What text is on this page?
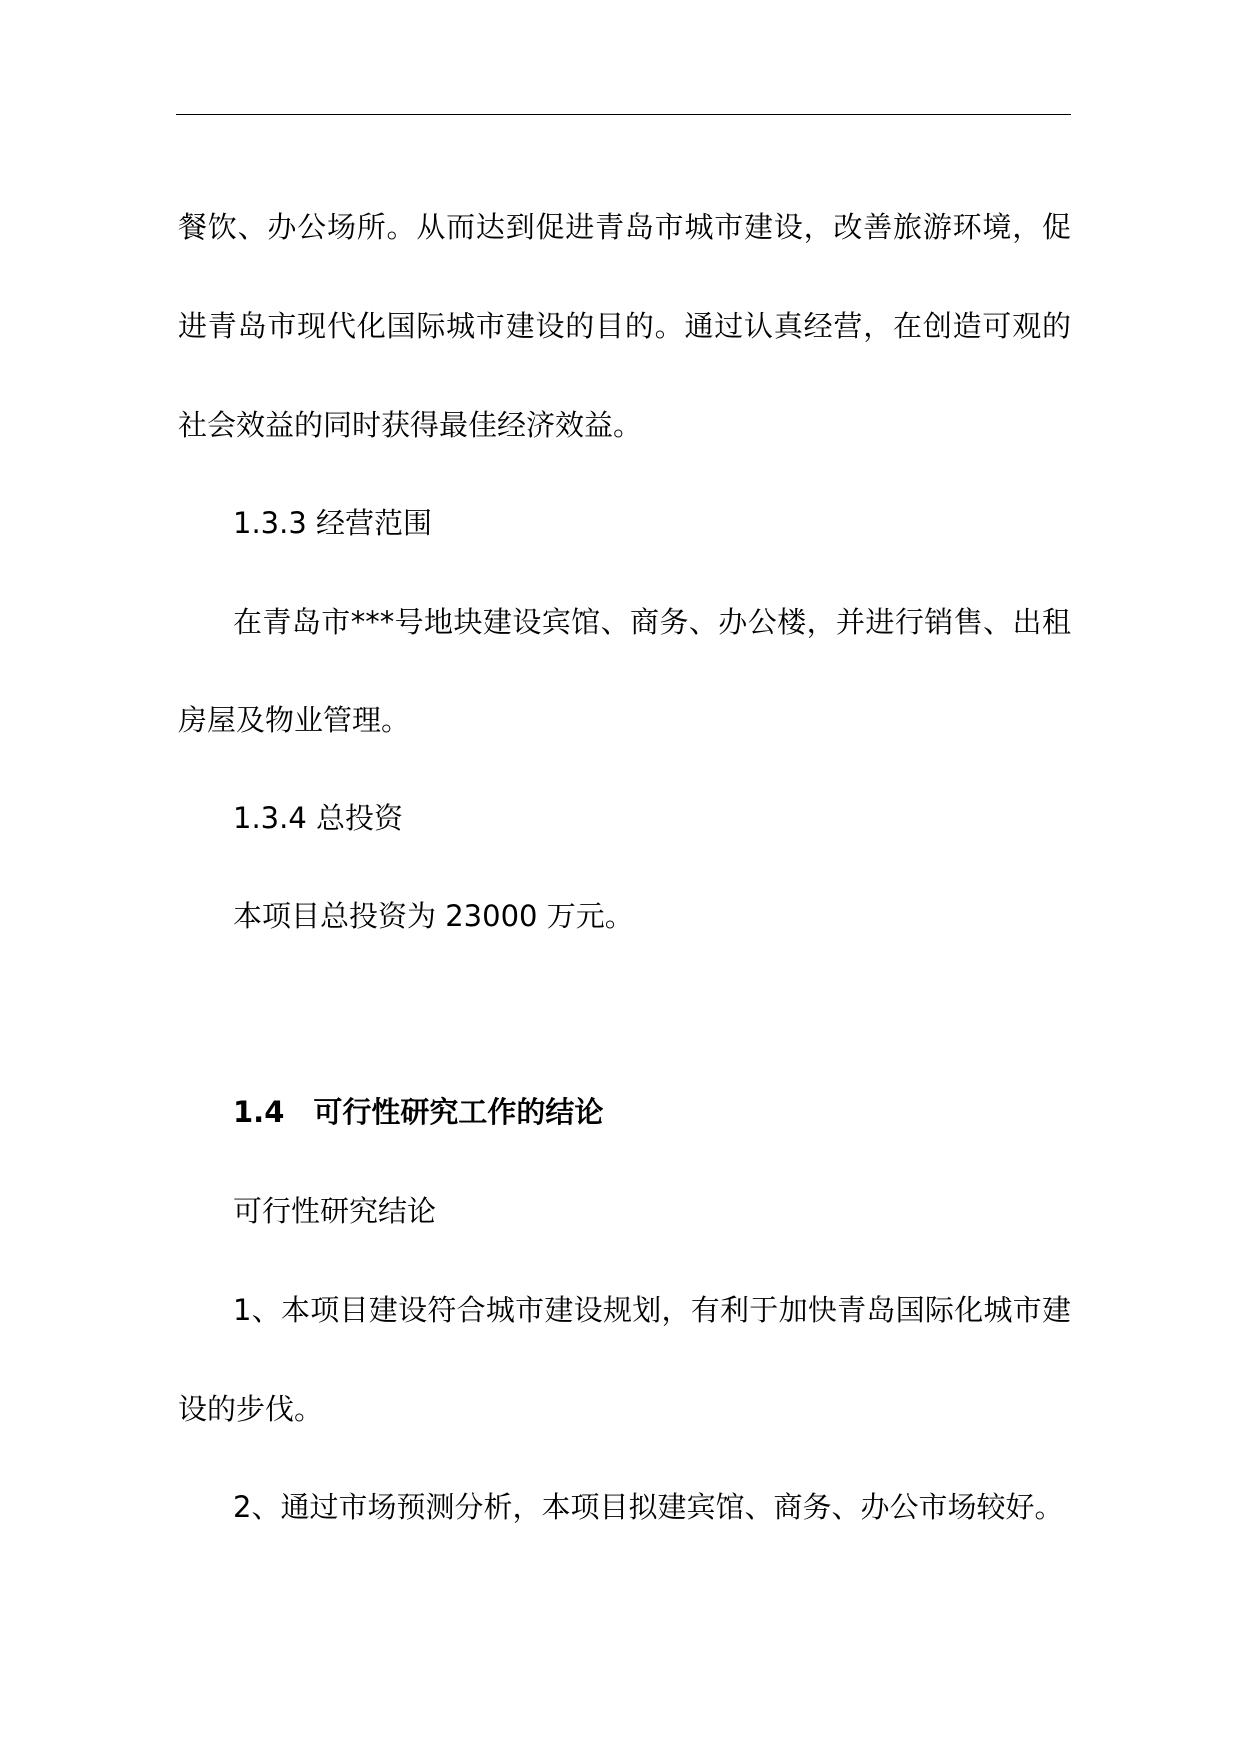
餐饮、办公场所。从而达到促进青岛市城市建设，改善旅游环境，促
进青岛市现代化国际城市建设的目的。通过认真经营，在创造可观的
社会效益的同时获得最佳经济效益。
1.3.3 经营范围
在青岛市***号地块建设宾馆、商务、办公楼，并进行销售、出租
房屋及物业管理。
1.3.4 总投资
本项目总投资为 23000 万元。
1.4　可行性研究工作的结论
可行性研究结论
1、本项目建设符合城市建设规划，有利于加快青岛国际化城市建
设的步伐。
2、通过市场预测分析，本项目拟建宾馆、商务、办公市场较好。
